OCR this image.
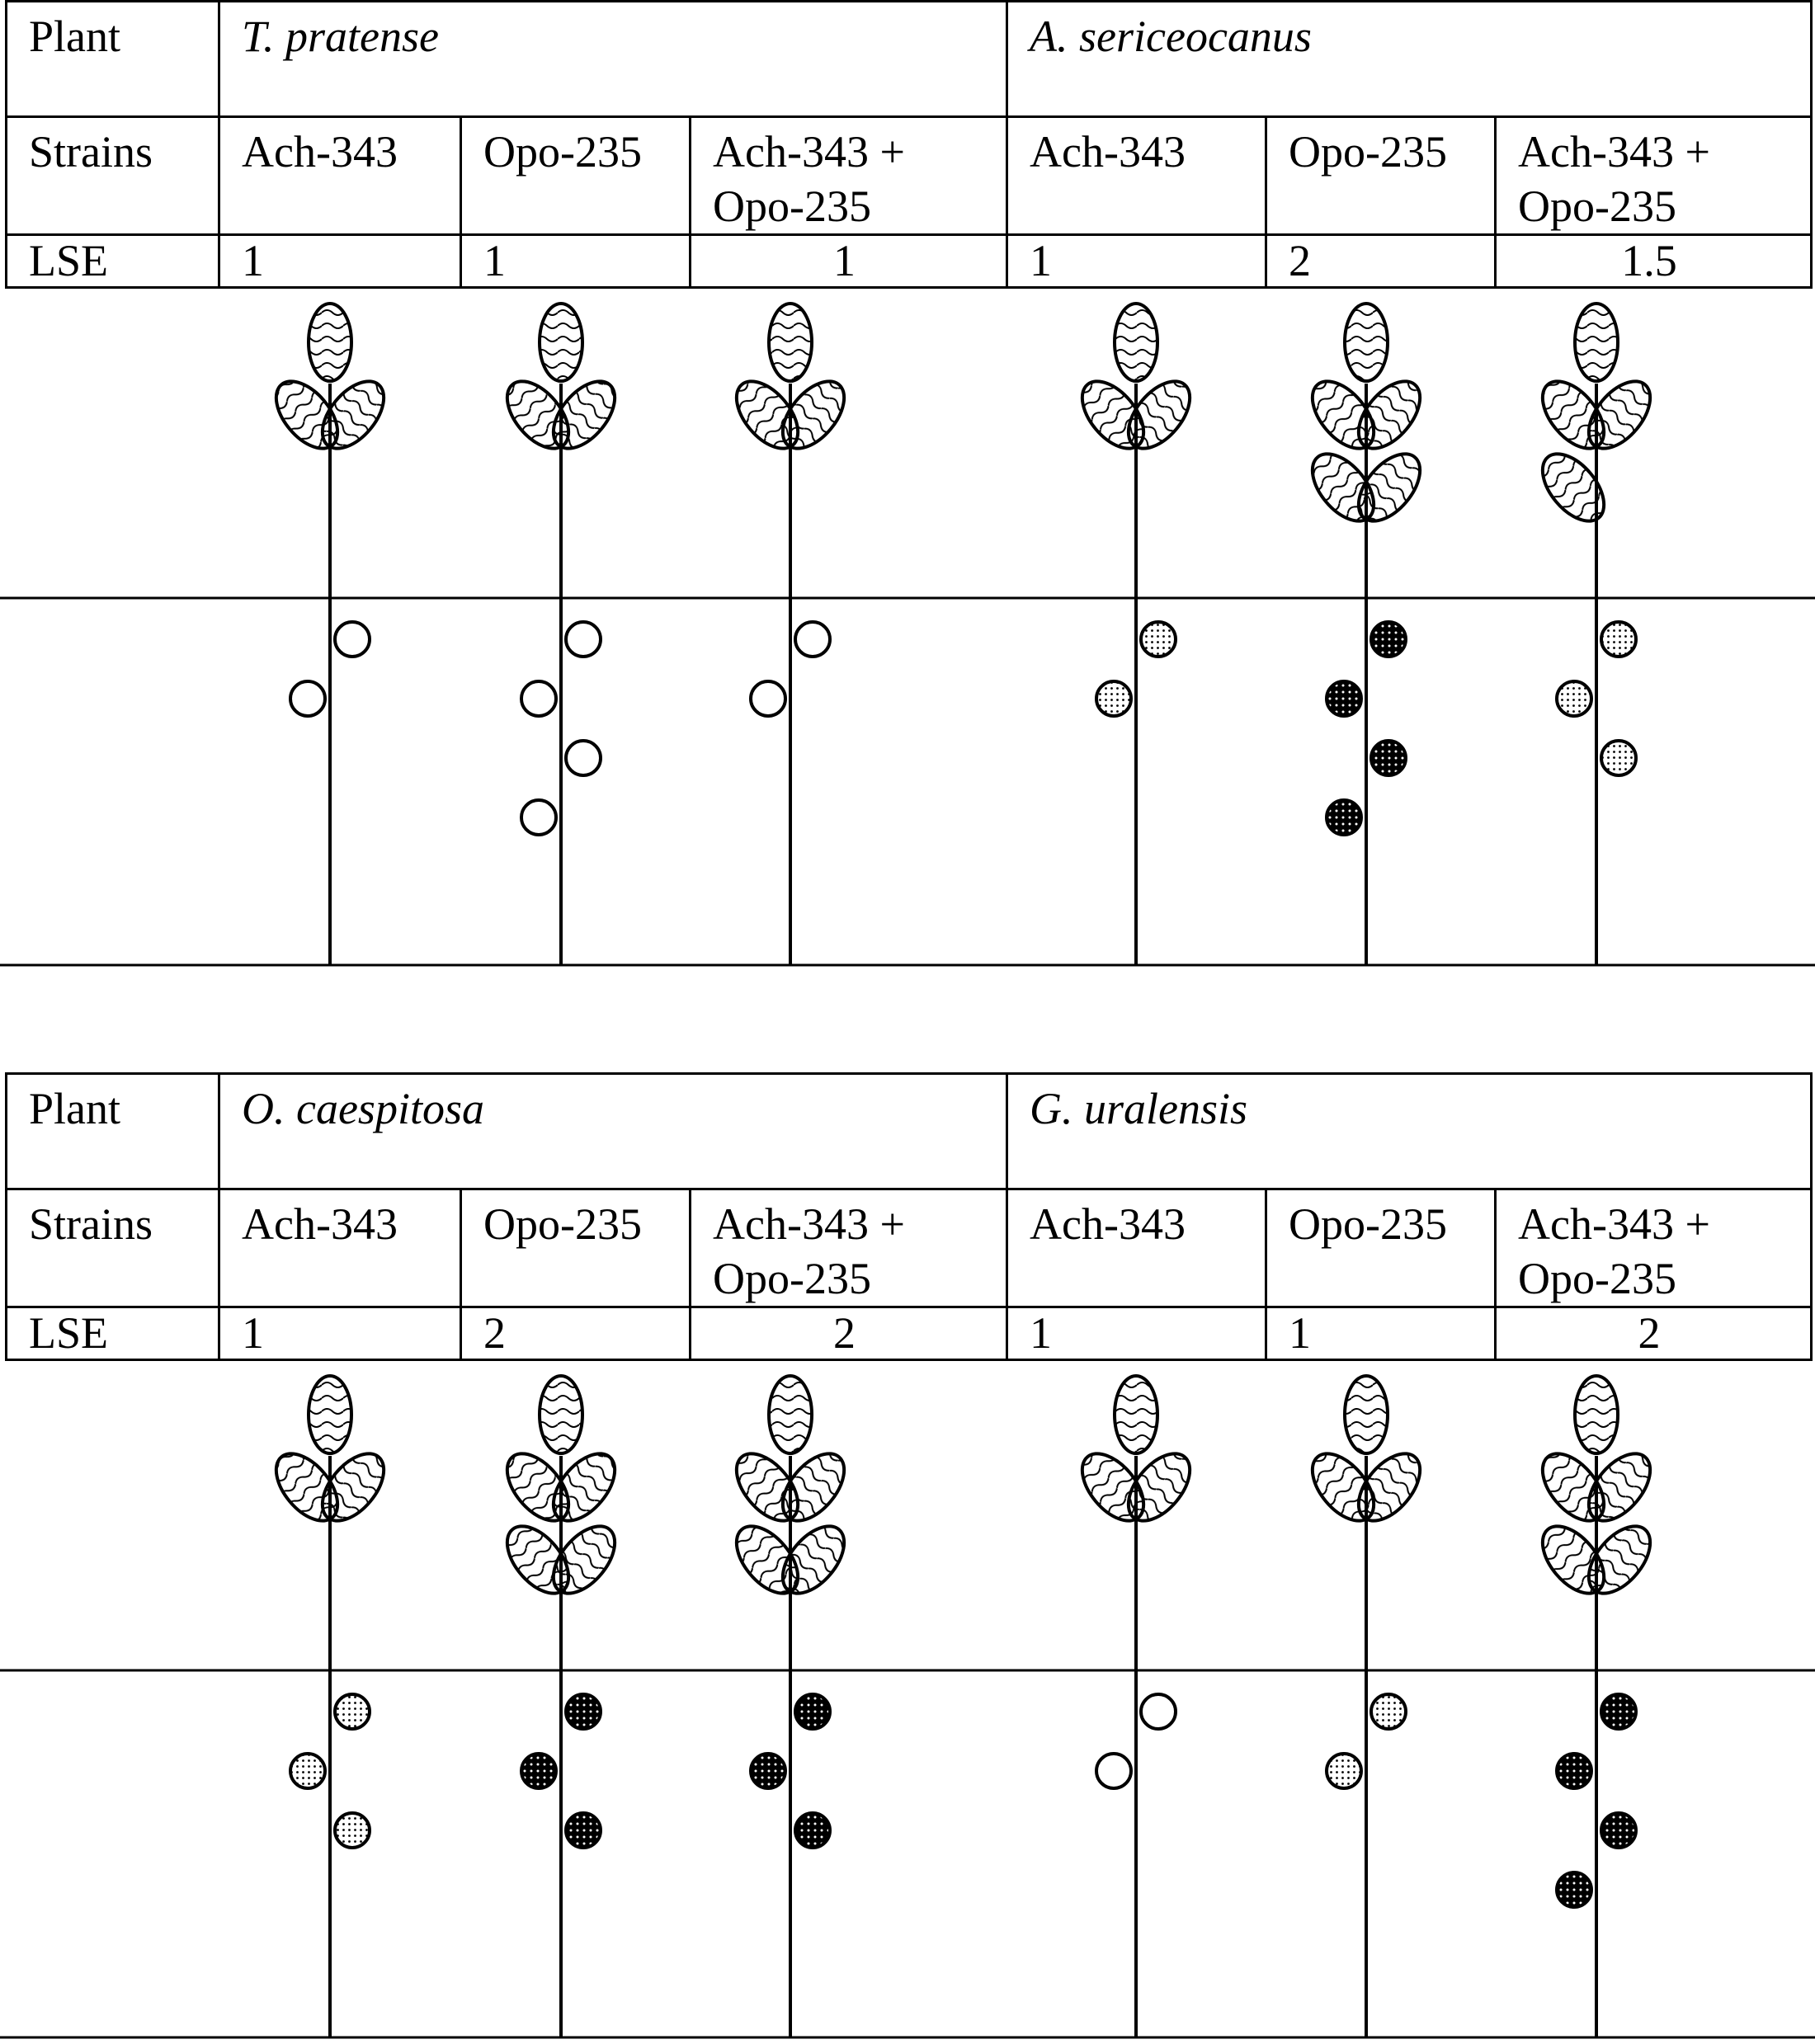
Plant	T. pratense			A. sericeocanus		
Strains	Ach-343	Opo-235	Ach-343 + Opo-235	Ach-343	Opo-235	Ach-343 + Opo-235
LSE	1	1	1	1	2	1.5
Plant	O. caespitosa			G. uralensis		
Strains	Ach-343	Opo-235	Ach-343 + Opo-235	Ach-343	Opo-235	Ach-343 + Opo-235
LSE	1	2	2	1	1	2
